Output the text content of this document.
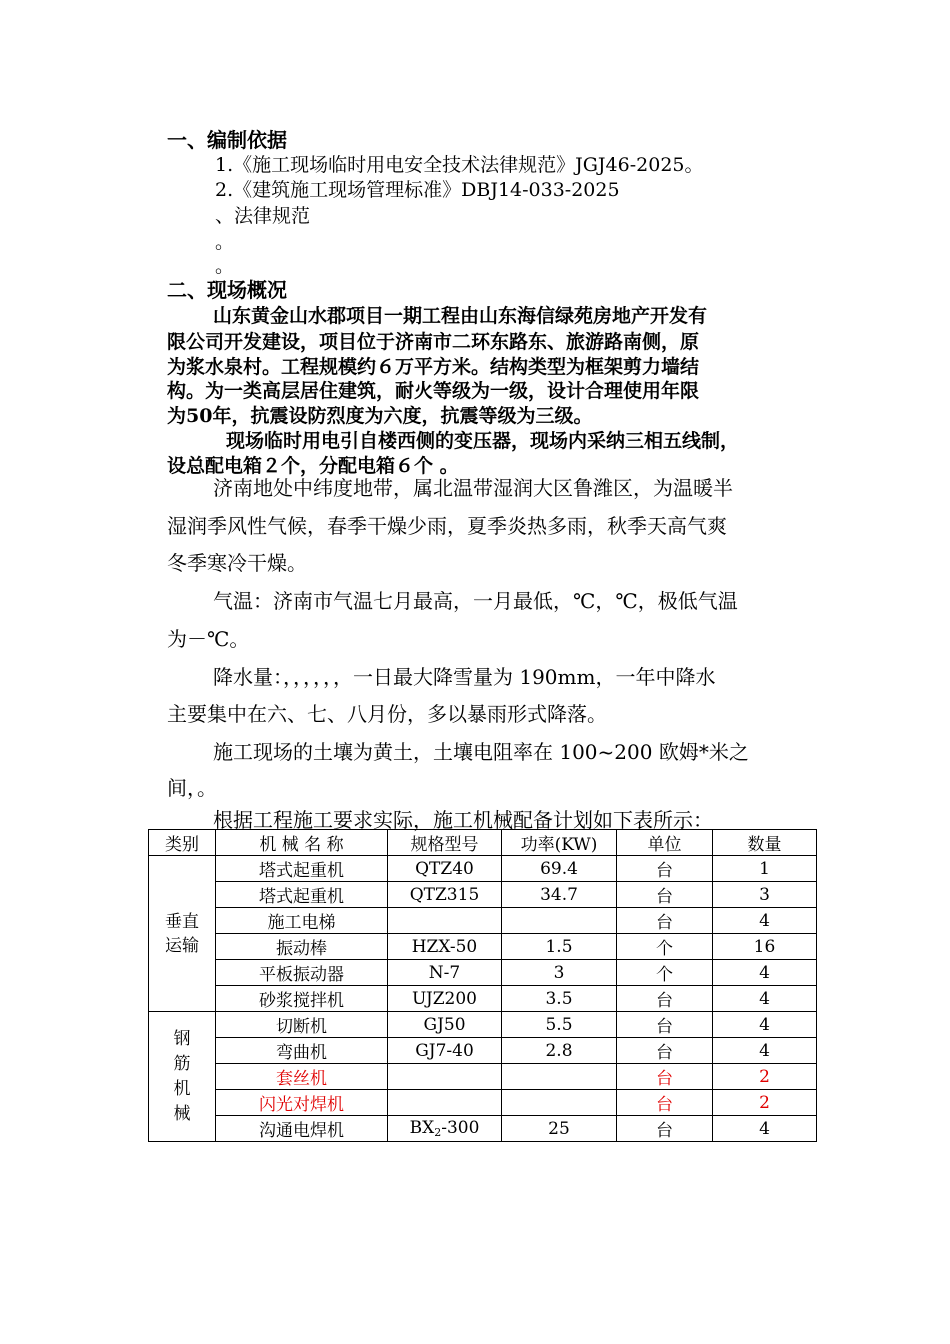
一、编制依据
1.《施工现场临时用电安全技术法律规范》JGJ46-2025。
2.《建筑施工现场管理标准》DBJ14-033-2025
、法律规范
。
。
二、现场概况
山东黄金山水郡项目一期工程由山东海信绿苑房地产开发有
限公司开发建设，项目位于济南市二环东路东、旅游路南侧，原
为浆水泉村。工程规模约６万平方米。结构类型为框架剪力墙结
构。为一类高层居住建筑，耐火等级为一级，设计合理使用年限
为50年，抗震设防烈度为六度，抗震等级为三级。
现场临时用电引自楼西侧的变压器，现场内采纳三相五线制，
设总配电箱２个，分配电箱６个 。
济南地处中纬度地带，属北温带湿润大区鲁潍区，为温暖半
湿润季风性气候，春季干燥少雨，夏季炎热多雨，秋季天高气爽
冬季寒冷干燥。
气温：济南市气温七月最高，一月最低，℃，℃，极低气温
为－℃。
降水量：，，，，，，一日最大降雪量为 190mm，一年中降水
主要集中在六、七、八月份，多以暴雨形式降落。
施工现场的土壤为黄土，土壤电阻率在 100~200 欧姆*米之
间，。
根据工程施工要求实际，施工机械配备计划如下表所示：
类别	机 械 名 称	规格型号	功率(KW)	单位	数量
垂直
运输	塔式起重机	QTZ40	69.4	台	1
	塔式起重机	QTZ315	34.7	台	3
	施工电梯			台	4
	振动棒	HZX-50	1.5	个	16
	平板振动器	N-7	3	个	4
	砂浆搅拌机	UJZ200	3.5	台	4
钢
筋
机
械	切断机	GJ50	5.5	台	4
	弯曲机	GJ7-40	2.8	台	4
	套丝机			台	2
	闪光对焊机			台	2
	沟通电焊机	$BX_2-300$	25	台	4
